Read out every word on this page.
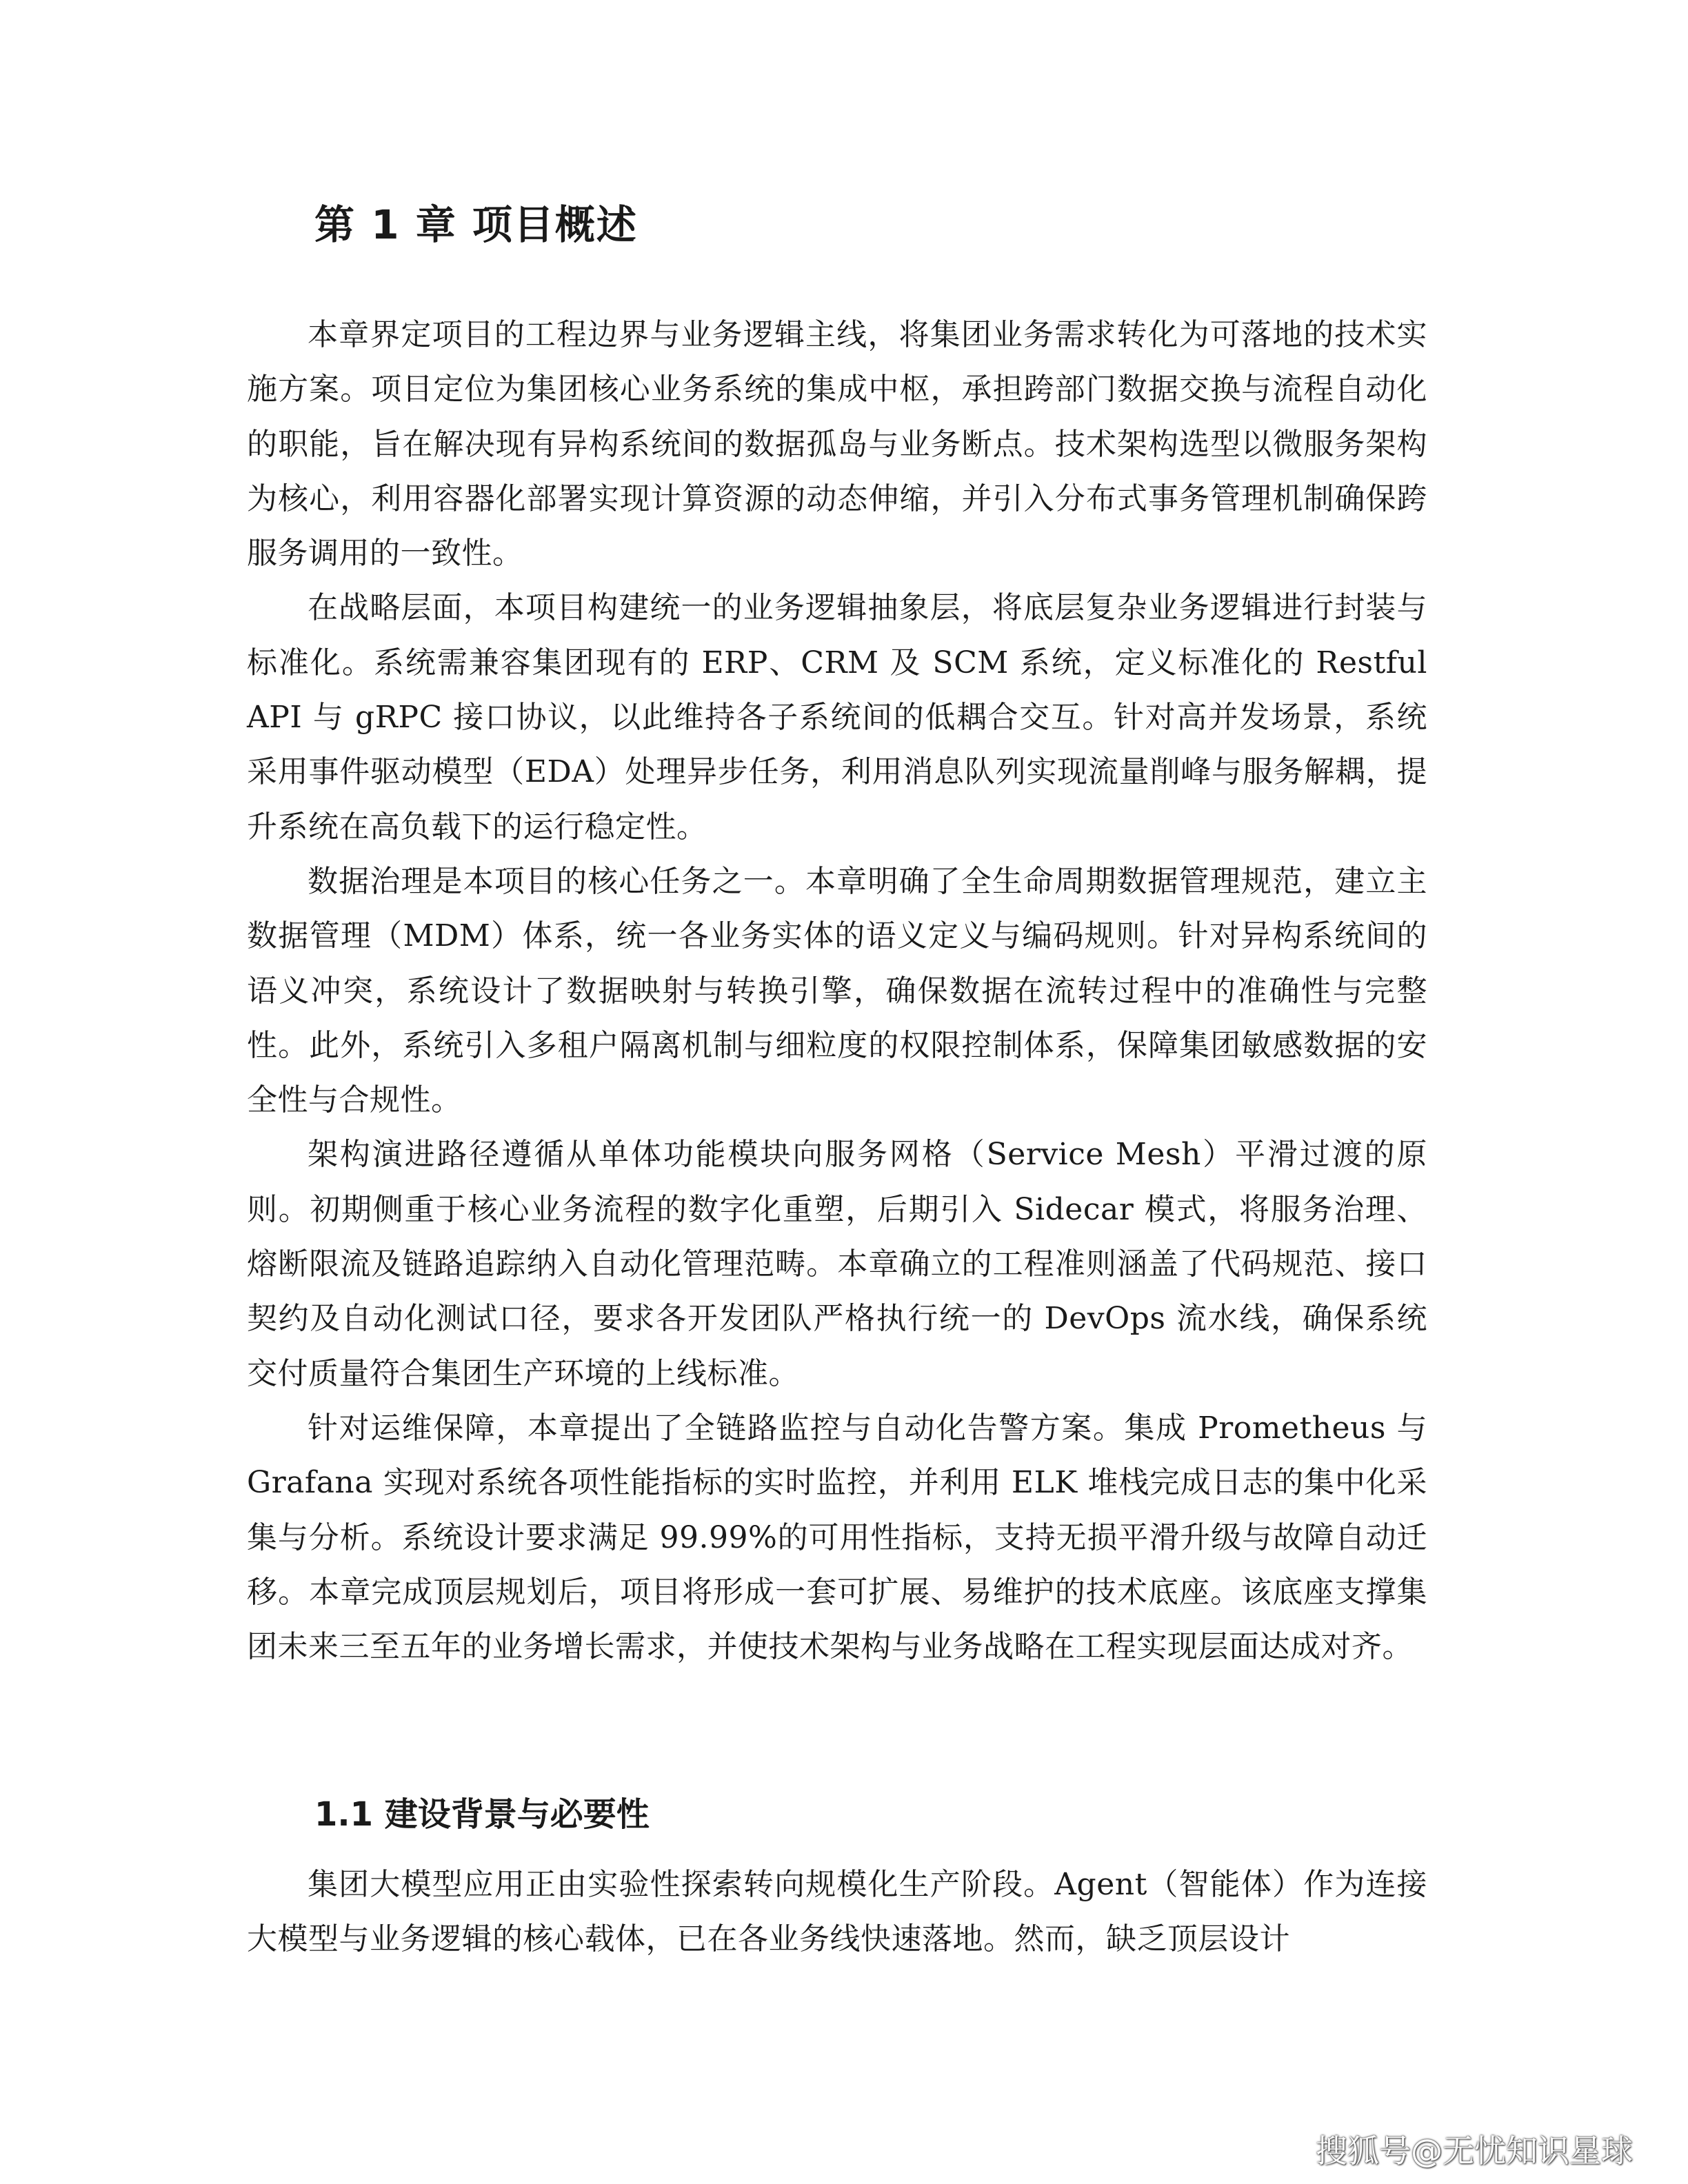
第 1 章 项目概述

本章界定项目的工程边界与业务逻辑主线，将集团业务需求转化为可落地的技术实施方案。项目定位为集团核心业务系统的集成中枢，承担跨部门数据交换与流程自动化的职能，旨在解决现有异构系统间的数据孤岛与业务断点。技术架构选型以微服务架构为核心，利用容器化部署实现计算资源的动态伸缩，并引入分布式事务管理机制确保跨服务调用的一致性。

在战略层面，本项目构建统一的业务逻辑抽象层，将底层复杂业务逻辑进行封装与标准化。系统需兼容集团现有的 ERP、CRM 及 SCM 系统，定义标准化的 Restful API 与 gRPC 接口协议，以此维持各子系统间的低耦合交互。针对高并发场景，系统采用事件驱动模型（EDA）处理异步任务，利用消息队列实现流量削峰与服务解耦，提升系统在高负载下的运行稳定性。

数据治理是本项目的核心任务之一。本章明确了全生命周期数据管理规范，建立主数据管理（MDM）体系，统一各业务实体的语义定义与编码规则。针对异构系统间的语义冲突，系统设计了数据映射与转换引擎，确保数据在流转过程中的准确性与完整性。此外，系统引入多租户隔离机制与细粒度的权限控制体系，保障集团敏感数据的安全性与合规性。

架构演进路径遵循从单体功能模块向服务网格（Service Mesh）平滑过渡的原则。初期侧重于核心业务流程的数字化重塑，后期引入 Sidecar 模式，将服务治理、熔断限流及链路追踪纳入自动化管理范畴。本章确立的工程准则涵盖了代码规范、接口契约及自动化测试口径，要求各开发团队严格执行统一的 DevOps 流水线，确保系统交付质量符合集团生产环境的上线标准。

针对运维保障，本章提出了全链路监控与自动化告警方案。集成 Prometheus 与 Grafana 实现对系统各项性能指标的实时监控，并利用 ELK 堆栈完成日志的集中化采集与分析。系统设计要求满足 99.99%的可用性指标，支持无损平滑升级与故障自动迁移。本章完成顶层规划后，项目将形成一套可扩展、易维护的技术底座。该底座支撑集团未来三至五年的业务增长需求，并使技术架构与业务战略在工程实现层面达成对齐。

1.1 建设背景与必要性

集团大模型应用正由实验性探索转向规模化生产阶段。Agent（智能体）作为连接大模型与业务逻辑的核心载体，已在各业务线快速落地。然而，缺乏顶层设计

搜狐号@无忧知识星球
